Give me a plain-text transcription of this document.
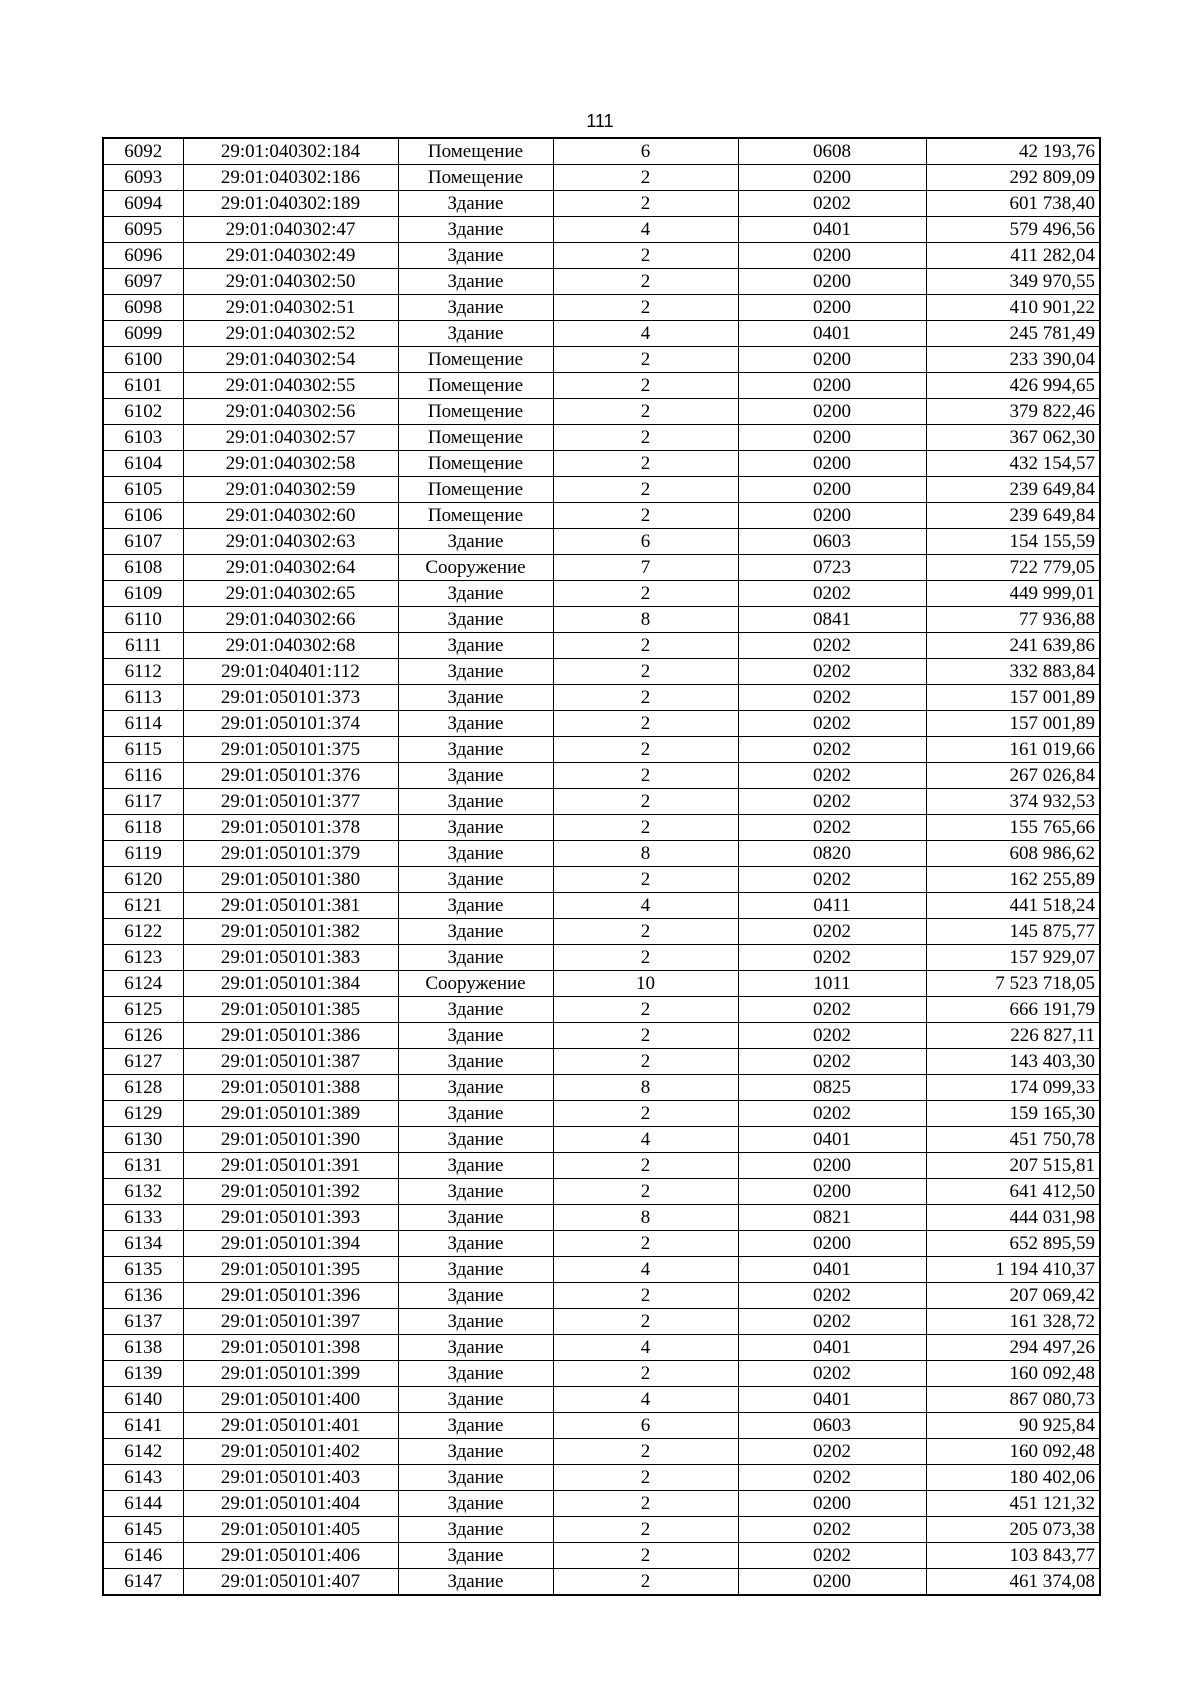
111
6092	29:01:040302:184	Помещение	6	0608	42 193,76
6093	29:01:040302:186	Помещение	2	0200	292 809,09
6094	29:01:040302:189	Здание	2	0202	601 738,40
6095	29:01:040302:47	Здание	4	0401	579 496,56
6096	29:01:040302:49	Здание	2	0200	411 282,04
6097	29:01:040302:50	Здание	2	0200	349 970,55
6098	29:01:040302:51	Здание	2	0200	410 901,22
6099	29:01:040302:52	Здание	4	0401	245 781,49
6100	29:01:040302:54	Помещение	2	0200	233 390,04
6101	29:01:040302:55	Помещение	2	0200	426 994,65
6102	29:01:040302:56	Помещение	2	0200	379 822,46
6103	29:01:040302:57	Помещение	2	0200	367 062,30
6104	29:01:040302:58	Помещение	2	0200	432 154,57
6105	29:01:040302:59	Помещение	2	0200	239 649,84
6106	29:01:040302:60	Помещение	2	0200	239 649,84
6107	29:01:040302:63	Здание	6	0603	154 155,59
6108	29:01:040302:64	Сооружение	7	0723	722 779,05
6109	29:01:040302:65	Здание	2	0202	449 999,01
6110	29:01:040302:66	Здание	8	0841	77 936,88
6111	29:01:040302:68	Здание	2	0202	241 639,86
6112	29:01:040401:112	Здание	2	0202	332 883,84
6113	29:01:050101:373	Здание	2	0202	157 001,89
6114	29:01:050101:374	Здание	2	0202	157 001,89
6115	29:01:050101:375	Здание	2	0202	161 019,66
6116	29:01:050101:376	Здание	2	0202	267 026,84
6117	29:01:050101:377	Здание	2	0202	374 932,53
6118	29:01:050101:378	Здание	2	0202	155 765,66
6119	29:01:050101:379	Здание	8	0820	608 986,62
6120	29:01:050101:380	Здание	2	0202	162 255,89
6121	29:01:050101:381	Здание	4	0411	441 518,24
6122	29:01:050101:382	Здание	2	0202	145 875,77
6123	29:01:050101:383	Здание	2	0202	157 929,07
6124	29:01:050101:384	Сооружение	10	1011	7 523 718,05
6125	29:01:050101:385	Здание	2	0202	666 191,79
6126	29:01:050101:386	Здание	2	0202	226 827,11
6127	29:01:050101:387	Здание	2	0202	143 403,30
6128	29:01:050101:388	Здание	8	0825	174 099,33
6129	29:01:050101:389	Здание	2	0202	159 165,30
6130	29:01:050101:390	Здание	4	0401	451 750,78
6131	29:01:050101:391	Здание	2	0200	207 515,81
6132	29:01:050101:392	Здание	2	0200	641 412,50
6133	29:01:050101:393	Здание	8	0821	444 031,98
6134	29:01:050101:394	Здание	2	0200	652 895,59
6135	29:01:050101:395	Здание	4	0401	1 194 410,37
6136	29:01:050101:396	Здание	2	0202	207 069,42
6137	29:01:050101:397	Здание	2	0202	161 328,72
6138	29:01:050101:398	Здание	4	0401	294 497,26
6139	29:01:050101:399	Здание	2	0202	160 092,48
6140	29:01:050101:400	Здание	4	0401	867 080,73
6141	29:01:050101:401	Здание	6	0603	90 925,84
6142	29:01:050101:402	Здание	2	0202	160 092,48
6143	29:01:050101:403	Здание	2	0202	180 402,06
6144	29:01:050101:404	Здание	2	0200	451 121,32
6145	29:01:050101:405	Здание	2	0202	205 073,38
6146	29:01:050101:406	Здание	2	0202	103 843,77
6147	29:01:050101:407	Здание	2	0200	461 374,08
